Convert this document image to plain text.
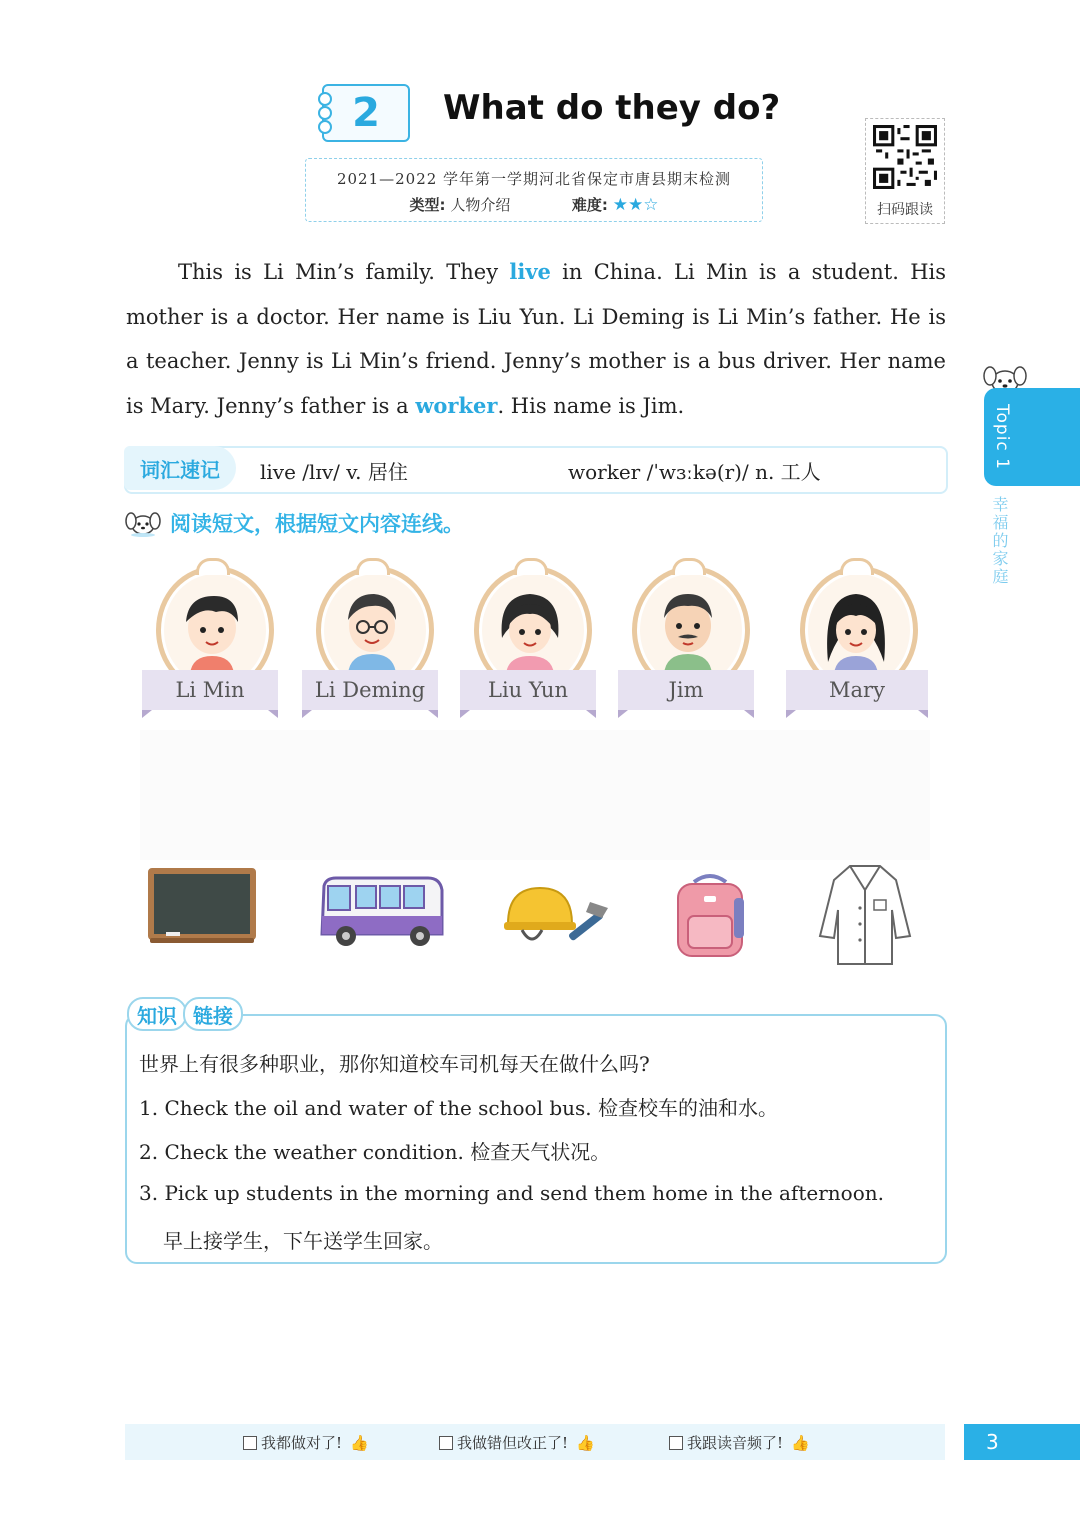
2 What do they do?
2021—2022 学年第一学期河北省保定市唐县期末检测
类型: 人物介绍	难度: ★★☆	扫码跟读

This is Li Min’s family. They live in China. Li Min is a student. His mother is a doctor. Her name is Liu Yun. Li Deming is Li Min’s father. He is a teacher. Jenny is Li Min’s friend. Jenny’s mother is a bus driver. Her name is Mary. Jenny’s father is a worker. His name is Jim.

词汇速记	live /lɪv/ v. 居住	worker /ˈwɜːkə(r)/ n. 工人
阅读短文，根据短文内容连线。
Li Min	Li Deming	Liu Yun	Jim	Mary
世界上有很多种职业，那你知道校车司机每天在做什么吗?
1. Check the oil and water of the school bus. 检查校车的油和水。
2. Check the weather condition. 检查天气状况。
3. Pick up students in the morning and send them home in the afternoon.
早上接学生，下午送学生回家。
知识 链接
我都做对了! 👍	我做错但改正了! 👍	我跟读音频了! 👍	3
Topic 1
幸福的家庭
